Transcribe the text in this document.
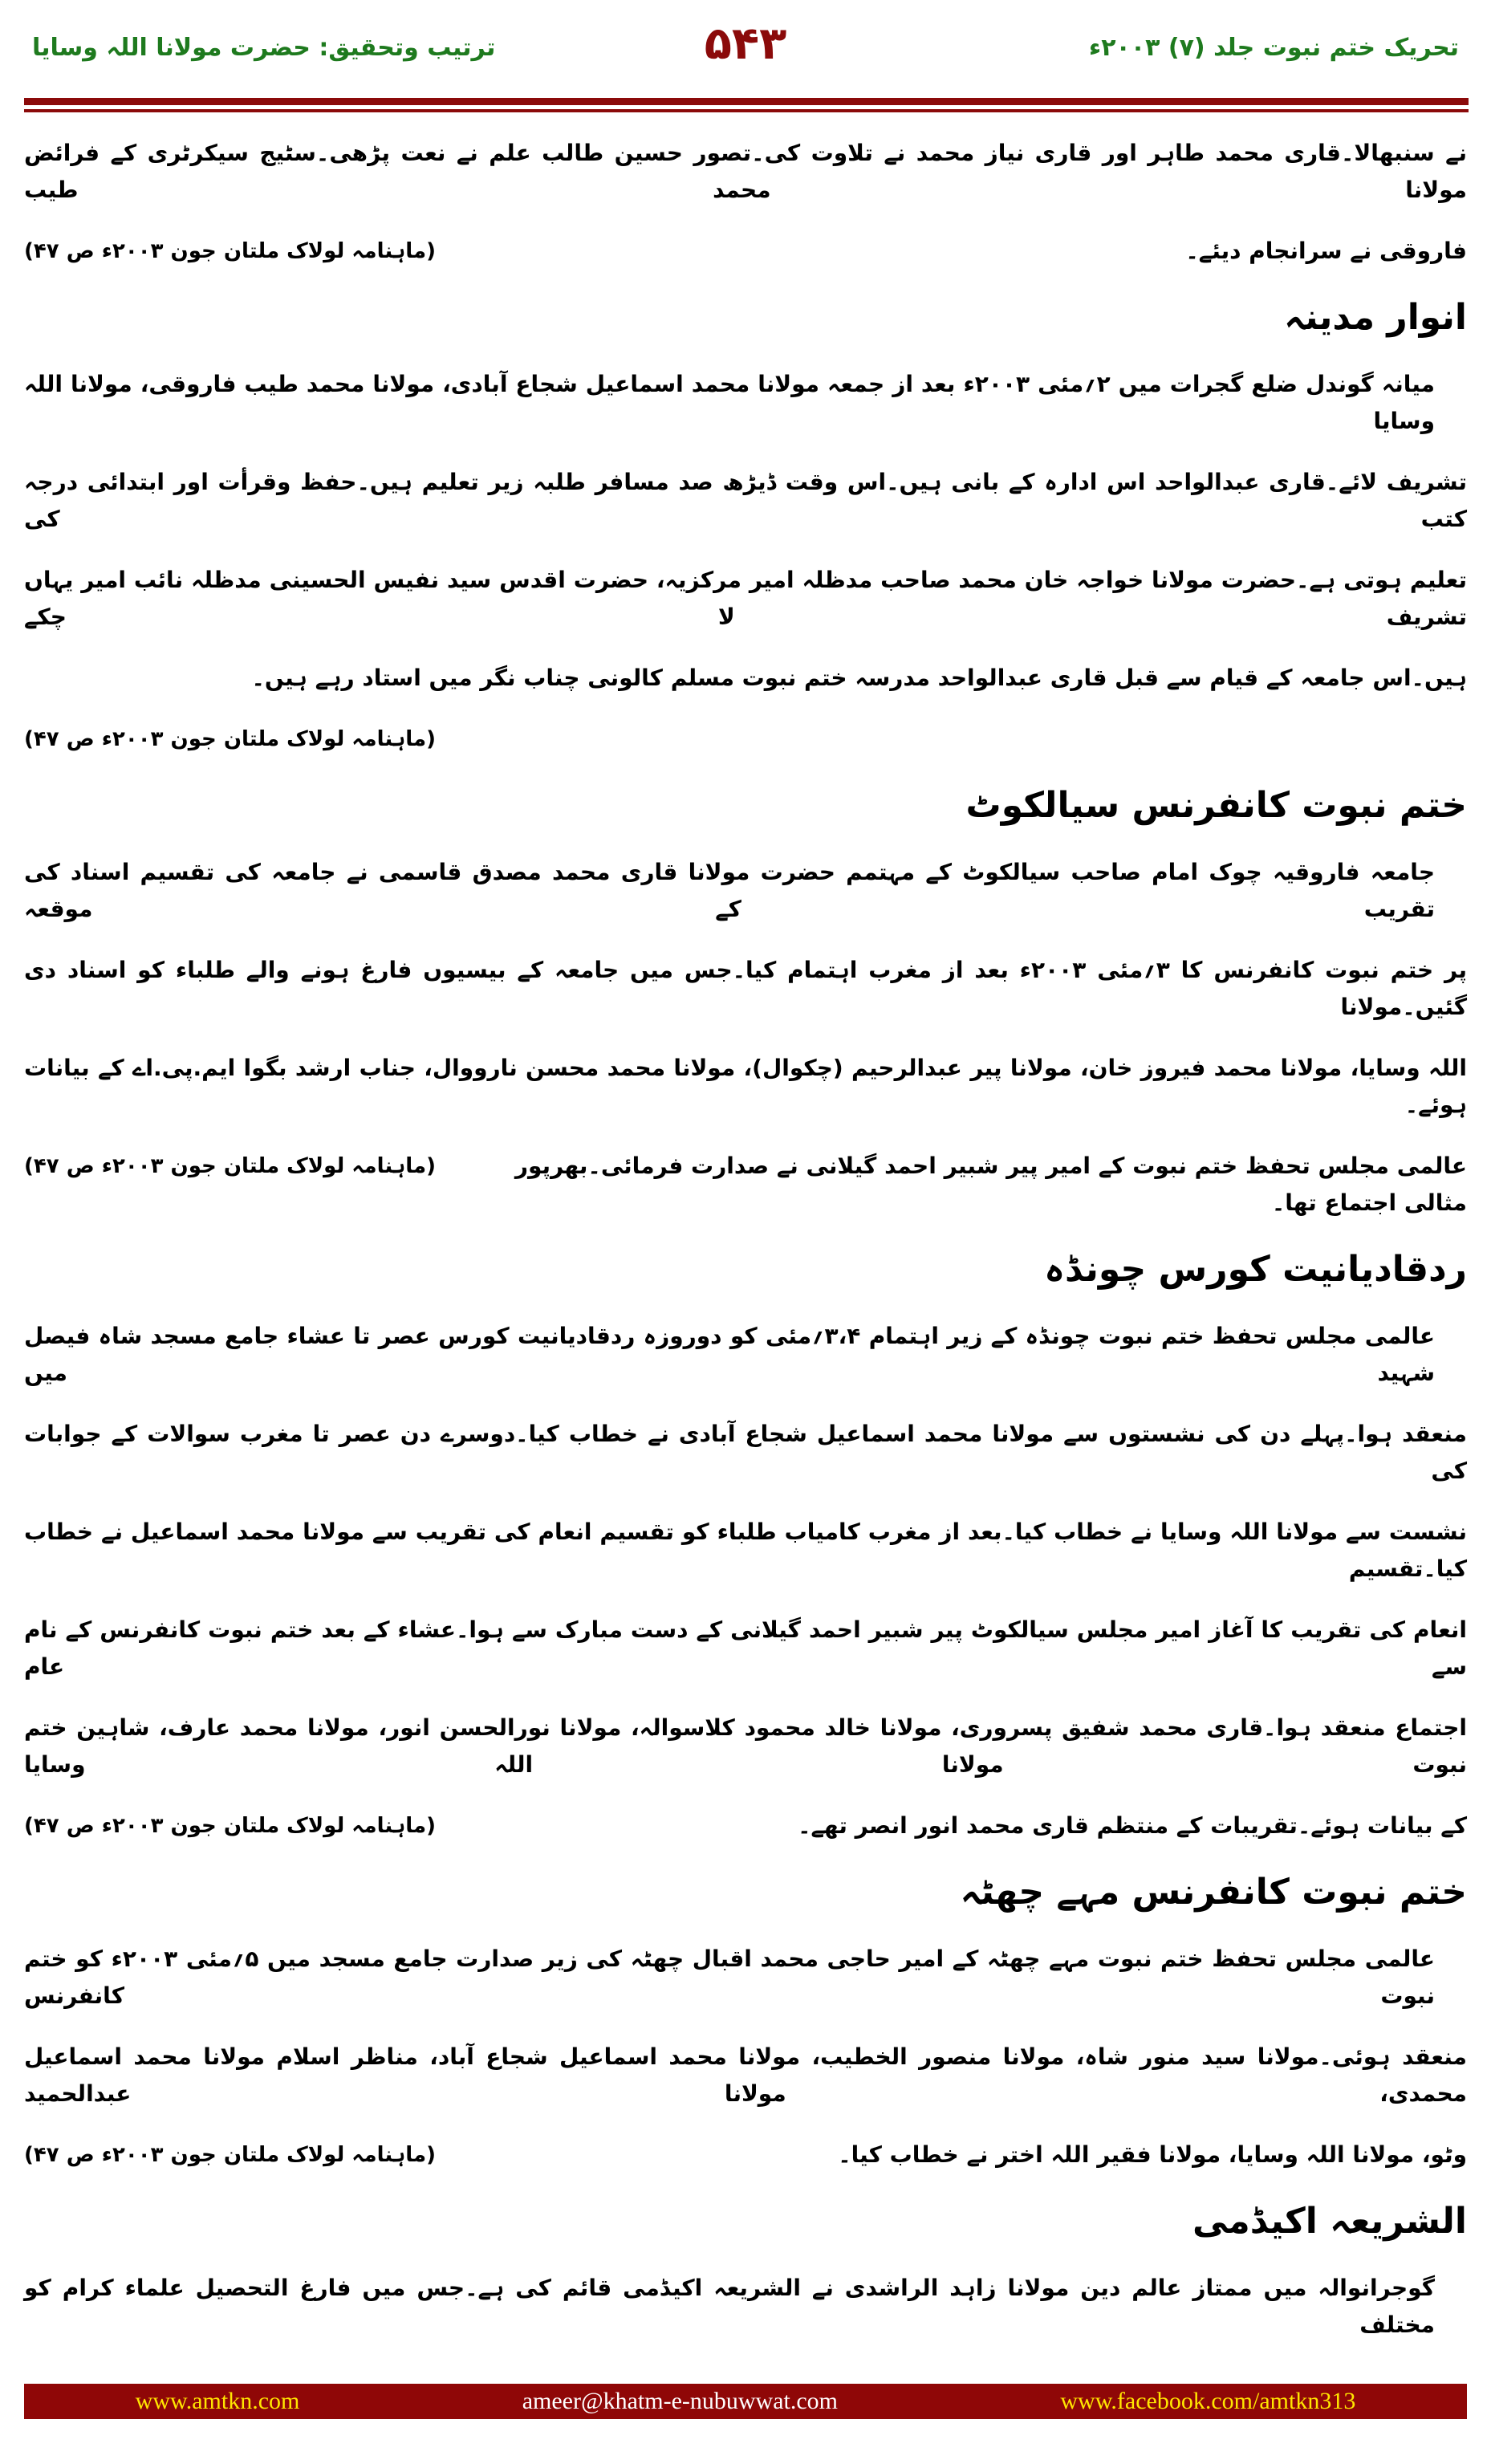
تحریک ختم نبوت جلد (۷) ۲۰۰۳ء
۵۴۳
ترتیب وتحقیق: حضرت مولانا اللہ وسایا
نے سنبھالا۔قاری محمد طاہر اور قاری نیاز محمد نے تلاوت کی۔تصور حسین طالب علم نے نعت پڑھی۔سٹیج سیکرٹری کے فرائض مولانا محمد طیب
فاروقی نے سرانجام دیئے۔
(ماہنامہ لولاک ملتان جون ۲۰۰۳ء ص ۴۷)
انوار مدینہ
میانہ گوندل ضلع گجرات میں ۲؍مئی ۲۰۰۳ء بعد از جمعہ مولانا محمد اسماعیل شجاع آبادی، مولانا محمد طیب فاروقی، مولانا اللہ وسایا
تشریف لائے۔قاری عبدالواحد اس ادارہ کے بانی ہیں۔اس وقت ڈیڑھ صد مسافر طلبہ زیر تعلیم ہیں۔حفظ وقرأت اور ابتدائی درجہ کتب کی
تعلیم ہوتی ہے۔حضرت مولانا خواجہ خان محمد صاحب مدظلہ امیر مرکزیہ، حضرت اقدس سید نفیس الحسینی مدظلہ نائب امیر یہاں تشریف لا چکے
ہیں۔اس جامعہ کے قیام سے قبل قاری عبدالواحد مدرسہ ختم نبوت مسلم کالونی چناب نگر میں استاد رہے ہیں۔
(ماہنامہ لولاک ملتان جون ۲۰۰۳ء ص ۴۷)
ختم نبوت کانفرنس سیالکوٹ
جامعہ فاروقیہ چوک امام صاحب سیالکوٹ کے مہتمم حضرت مولانا قاری محمد مصدق قاسمی نے جامعہ کی تقسیم اسناد کی تقریب کے موقعہ
پر ختم نبوت کانفرنس کا ۳؍مئی ۲۰۰۳ء بعد از مغرب اہتمام کیا۔جس میں جامعہ کے بیسیوں فارغ ہونے والے طلباء کو اسناد دی گئیں۔مولانا
اللہ وسایا، مولانا محمد فیروز خان، مولانا پیر عبدالرحیم (چکوال)، مولانا محمد محسن نارووال، جناب ارشد بگوا ایم.پی.اے کے بیانات ہوئے۔
عالمی مجلس تحفظ ختم نبوت کے امیر پیر شبیر احمد گیلانی نے صدارت فرمائی۔بھرپور مثالی اجتماع تھا۔
(ماہنامہ لولاک ملتان جون ۲۰۰۳ء ص ۴۷)
ردقادیانیت کورس چونڈہ
عالمی مجلس تحفظ ختم نبوت چونڈہ کے زیر اہتمام ۳،۴؍مئی کو دوروزہ ردقادیانیت کورس عصر تا عشاء جامع مسجد شاہ فیصل شہید میں
منعقد ہوا۔پہلے دن کی نشستوں سے مولانا محمد اسماعیل شجاع آبادی نے خطاب کیا۔دوسرے دن عصر تا مغرب سوالات کے جوابات کی
نشست سے مولانا اللہ وسایا نے خطاب کیا۔بعد از مغرب کامیاب طلباء کو تقسیم انعام کی تقریب سے مولانا محمد اسماعیل نے خطاب کیا۔تقسیم
انعام کی تقریب کا آغاز امیر مجلس سیالکوٹ پیر شبیر احمد گیلانی کے دست مبارک سے ہوا۔عشاء کے بعد ختم نبوت کانفرنس کے نام سے عام
اجتماع منعقد ہوا۔قاری محمد شفیق پسروری، مولانا خالد محمود کلاسوالہ، مولانا نورالحسن انور، مولانا محمد عارف، شاہین ختم نبوت مولانا اللہ وسایا
کے بیانات ہوئے۔تقریبات کے منتظم قاری محمد انور انصر تھے۔
(ماہنامہ لولاک ملتان جون ۲۰۰۳ء ص ۴۷)
ختم نبوت کانفرنس مہے چھٹہ
عالمی مجلس تحفظ ختم نبوت مہے چھٹہ کے امیر حاجی محمد اقبال چھٹہ کی زیر صدارت جامع مسجد میں ۵؍مئی ۲۰۰۳ء کو ختم نبوت کانفرنس
منعقد ہوئی۔مولانا سید منور شاہ، مولانا منصور الخطیب، مولانا محمد اسماعیل شجاع آباد، مناظر اسلام مولانا محمد اسماعیل محمدی، مولانا عبدالحمید
وٹو، مولانا اللہ وسایا، مولانا فقیر اللہ اختر نے خطاب کیا۔
(ماہنامہ لولاک ملتان جون ۲۰۰۳ء ص ۴۷)
الشریعہ اکیڈمی
گوجرانوالہ میں ممتاز عالم دین مولانا زاہد الراشدی نے الشریعہ اکیڈمی قائم کی ہے۔جس میں فارغ التحصیل علماء کرام کو مختلف
www.amtkn.com	ameer@khatm-e-nubuwwat.com	www.facebook.com/amtkn313
